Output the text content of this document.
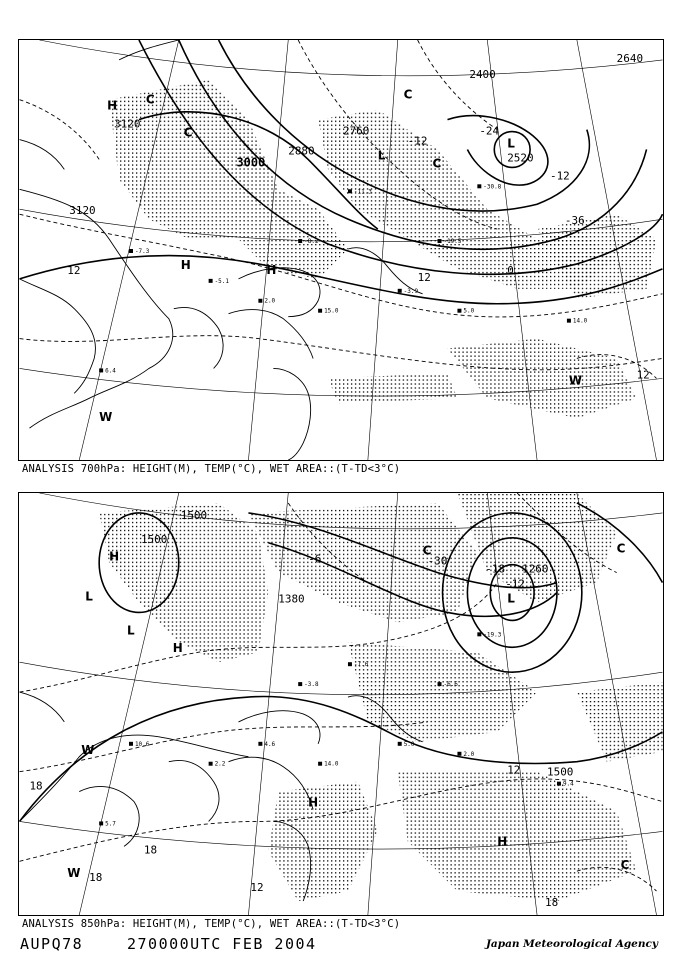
-7.3
-5.1
2.0
15.0
-3.9
-11.3
5.0
14.0
6.4
-8.2	-19.5
-30.8
3120
3120
3000
2880
2760
2640
2520
2400
-24
-12
-12
0
-36
12
12
12
H
H	H
L
L
W
W
C
C
C
C
ANALYSIS 700hPa: HEIGHT(M), TEMP(°C), WET AREA::(T-TD<3°C)
10.6
2.2
4.6
14.0
5.0
-7.6
2.0
9.4
5.7
-3.8	-6.6
-19.3
1500
1500
1380
1500
1260
-30
-18
-12
-6
18
18
18
18
12
12
H
H
H
H
L
L
L
W
W
C	C
C
ANALYSIS 850hPa: HEIGHT(M), TEMP(°C), WET AREA::(T-TD<3°C)
AUPQ78	270000UTC FEB 2004	Japan Meteorological Agency
